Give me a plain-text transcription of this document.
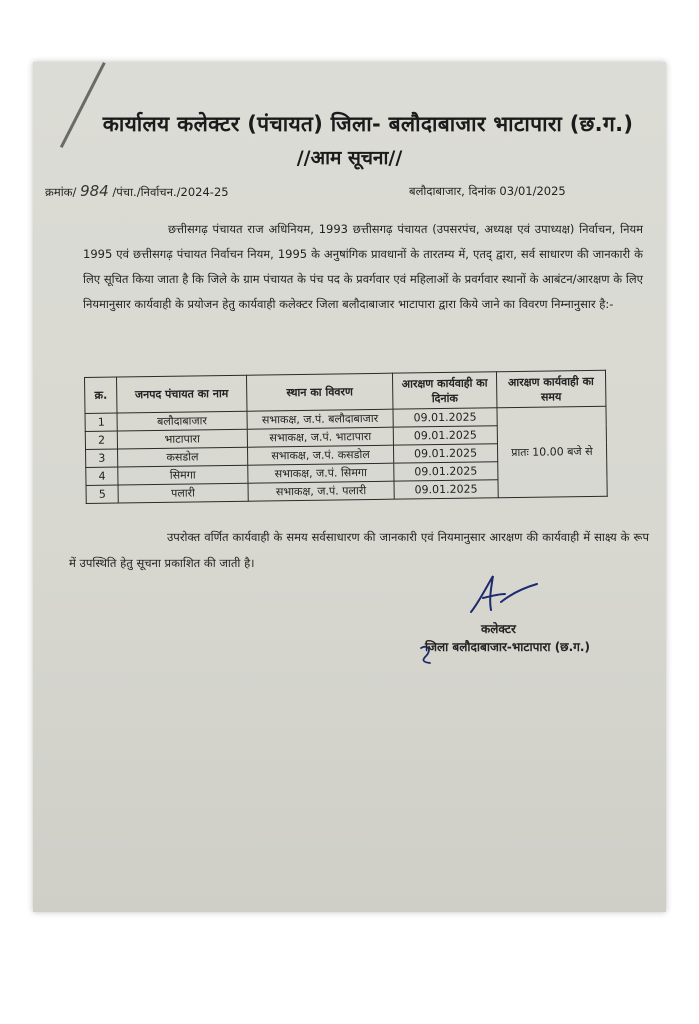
कार्यालय कलेक्टर (पंचायत) जिला- बलौदाबाजार भाटापारा (छ.ग.)
//आम सूचना//
क्रमांक/ 984 /पंचा./निर्वाचन./2024-25	बलौदाबाजार, दिनांक 03/01/2025
छत्तीसगढ़ पंचायत राज अधिनियम, 1993 छत्तीसगढ़ पंचायत (उपसरपंच, अध्यक्ष एवं उपाध्यक्ष) निर्वाचन, नियम 1995 एवं छत्तीसगढ़ पंचायत निर्वाचन नियम, 1995 के अनुषांगिक प्रावधानों के तारतम्य में, एतद् द्वारा, सर्व साधारण की जानकारी के लिए सूचित किया जाता है कि जिले के ग्राम पंचायत के पंच पद के प्रवर्गवार एवं महिलाओं के प्रवर्गवार स्थानों के आबंटन/आरक्षण के लिए नियमानुसार कार्यवाही के प्रयोजन हेतु कार्यवाही कलेक्टर जिला बलौदाबाजार भाटापारा द्वारा किये जाने का विवरण निम्नानुसार है:-
क्र.	जनपद पंचायत का नाम	स्थान का विवरण	आरक्षण कार्यवाही का दिनांक	आरक्षण कार्यवाही का समय
1	बलौदाबाजार	सभाकक्ष, ज.पं. बलौदाबाजार	09.01.2025	प्रातः 10.00 बजे से
2	भाटापारा	सभाकक्ष, ज.पं. भाटापारा	09.01.2025	
3	कसडोल	सभाकक्ष, ज.पं. कसडोल	09.01.2025	
4	सिमगा	सभाकक्ष, ज.पं. सिमगा	09.01.2025	
5	पलारी	सभाकक्ष, ज.पं. पलारी	09.01.2025	
उपरोक्त वर्णित कार्यवाही के समय सर्वसाधारण की जानकारी एवं नियमानुसार आरक्षण की कार्यवाही में साक्ष्य के रूप में उपस्थिति हेतु सूचना प्रकाशित की जाती है।
कलेक्टर
जिला बलौदाबाजार-भाटापारा (छ.ग.)
